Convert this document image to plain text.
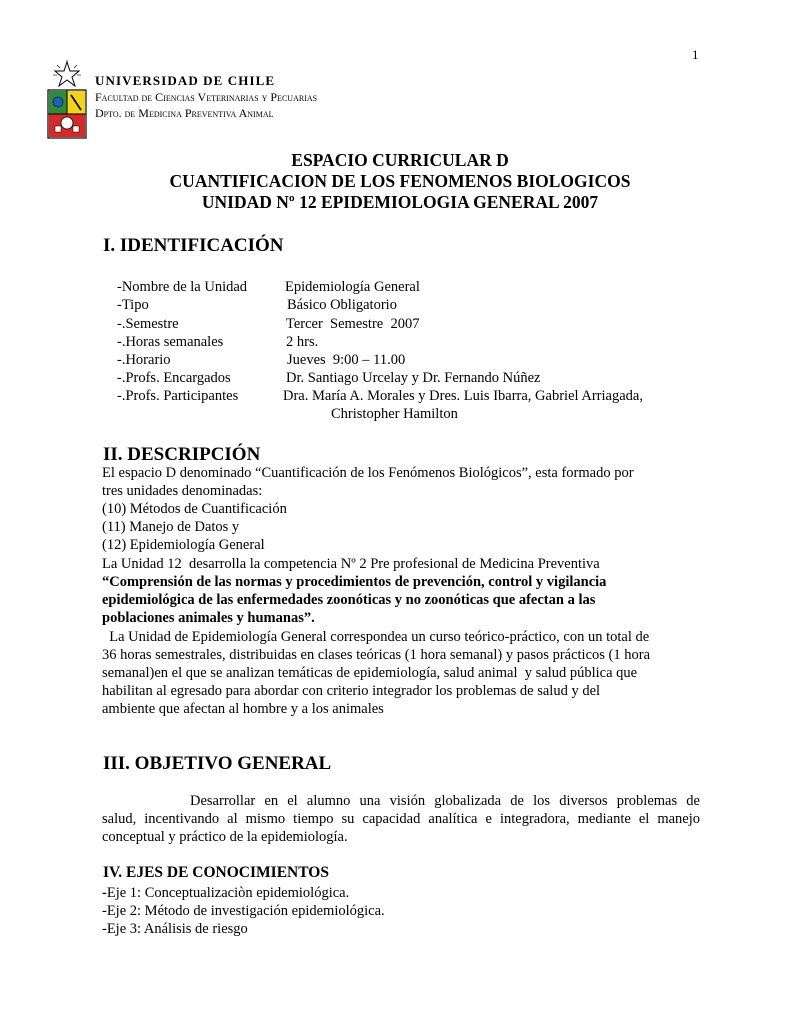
1
UNIVERSIDAD DE CHILE
Facultad de Ciencias Veterinarias y Pecuarias
Dpto. de Medicina Preventiva Animal
ESPACIO CURRICULAR D
CUANTIFICACION DE LOS FENOMENOS BIOLOGICOS
UNIDAD Nº 12 EPIDEMIOLOGIA GENERAL 2007
I. IDENTIFICACIÓN
-Nombre de la Unidad	Epidemiología General
-Tipo	Básico Obligatorio
-.Semestre	Tercer  Semestre  2007
-.Horas semanales	2 hrs.
-.Horario	Jueves  9:00 – 11.00
-.Profs. Encargados	Dr. Santiago Urcelay y Dr. Fernando Núñez
-.Profs. Participantes	Dra. María A. Morales y Dres. Luis Ibarra, Gabriel Arriagada,
Christopher Hamilton
II. DESCRIPCIÓN
El espacio D denominado “Cuantificación de los Fenómenos Biológicos”, esta formado por
tres unidades denominadas:
(10) Métodos de Cuantificación
(11) Manejo de Datos y
(12) Epidemiología General
La Unidad 12  desarrolla la competencia Nº 2 Pre profesional de Medicina Preventiva
“Comprensión de las normas y procedimientos de prevención, control y vigilancia
epidemiológica de las enfermedades zoonóticas y no zoonóticas que afectan a las
poblaciones animales y humanas”.
La Unidad de Epidemiología General correspondea un curso teórico-práctico, con un total de
36 horas semestrales, distribuidas en clases teóricas (1 hora semanal) y pasos prácticos (1 hora
semanal)en el que se analizan temáticas de epidemiología, salud animal  y salud pública que
habilitan al egresado para abordar con criterio integrador los problemas de salud y del
ambiente que afectan al hombre y a los animales
III. OBJETIVO GENERAL
Desarrollar en el alumno una visión globalizada de los diversos problemas de
salud, incentivando al mismo tiempo su capacidad analítica e integradora, mediante el manejo
conceptual y práctico de la epidemiología.
IV. EJES DE CONOCIMIENTOS
-Eje 1: Conceptualizaciòn epidemiológica.
-Eje 2: Método de investigación epidemiológica.
-Eje 3: Análisis de riesgo
